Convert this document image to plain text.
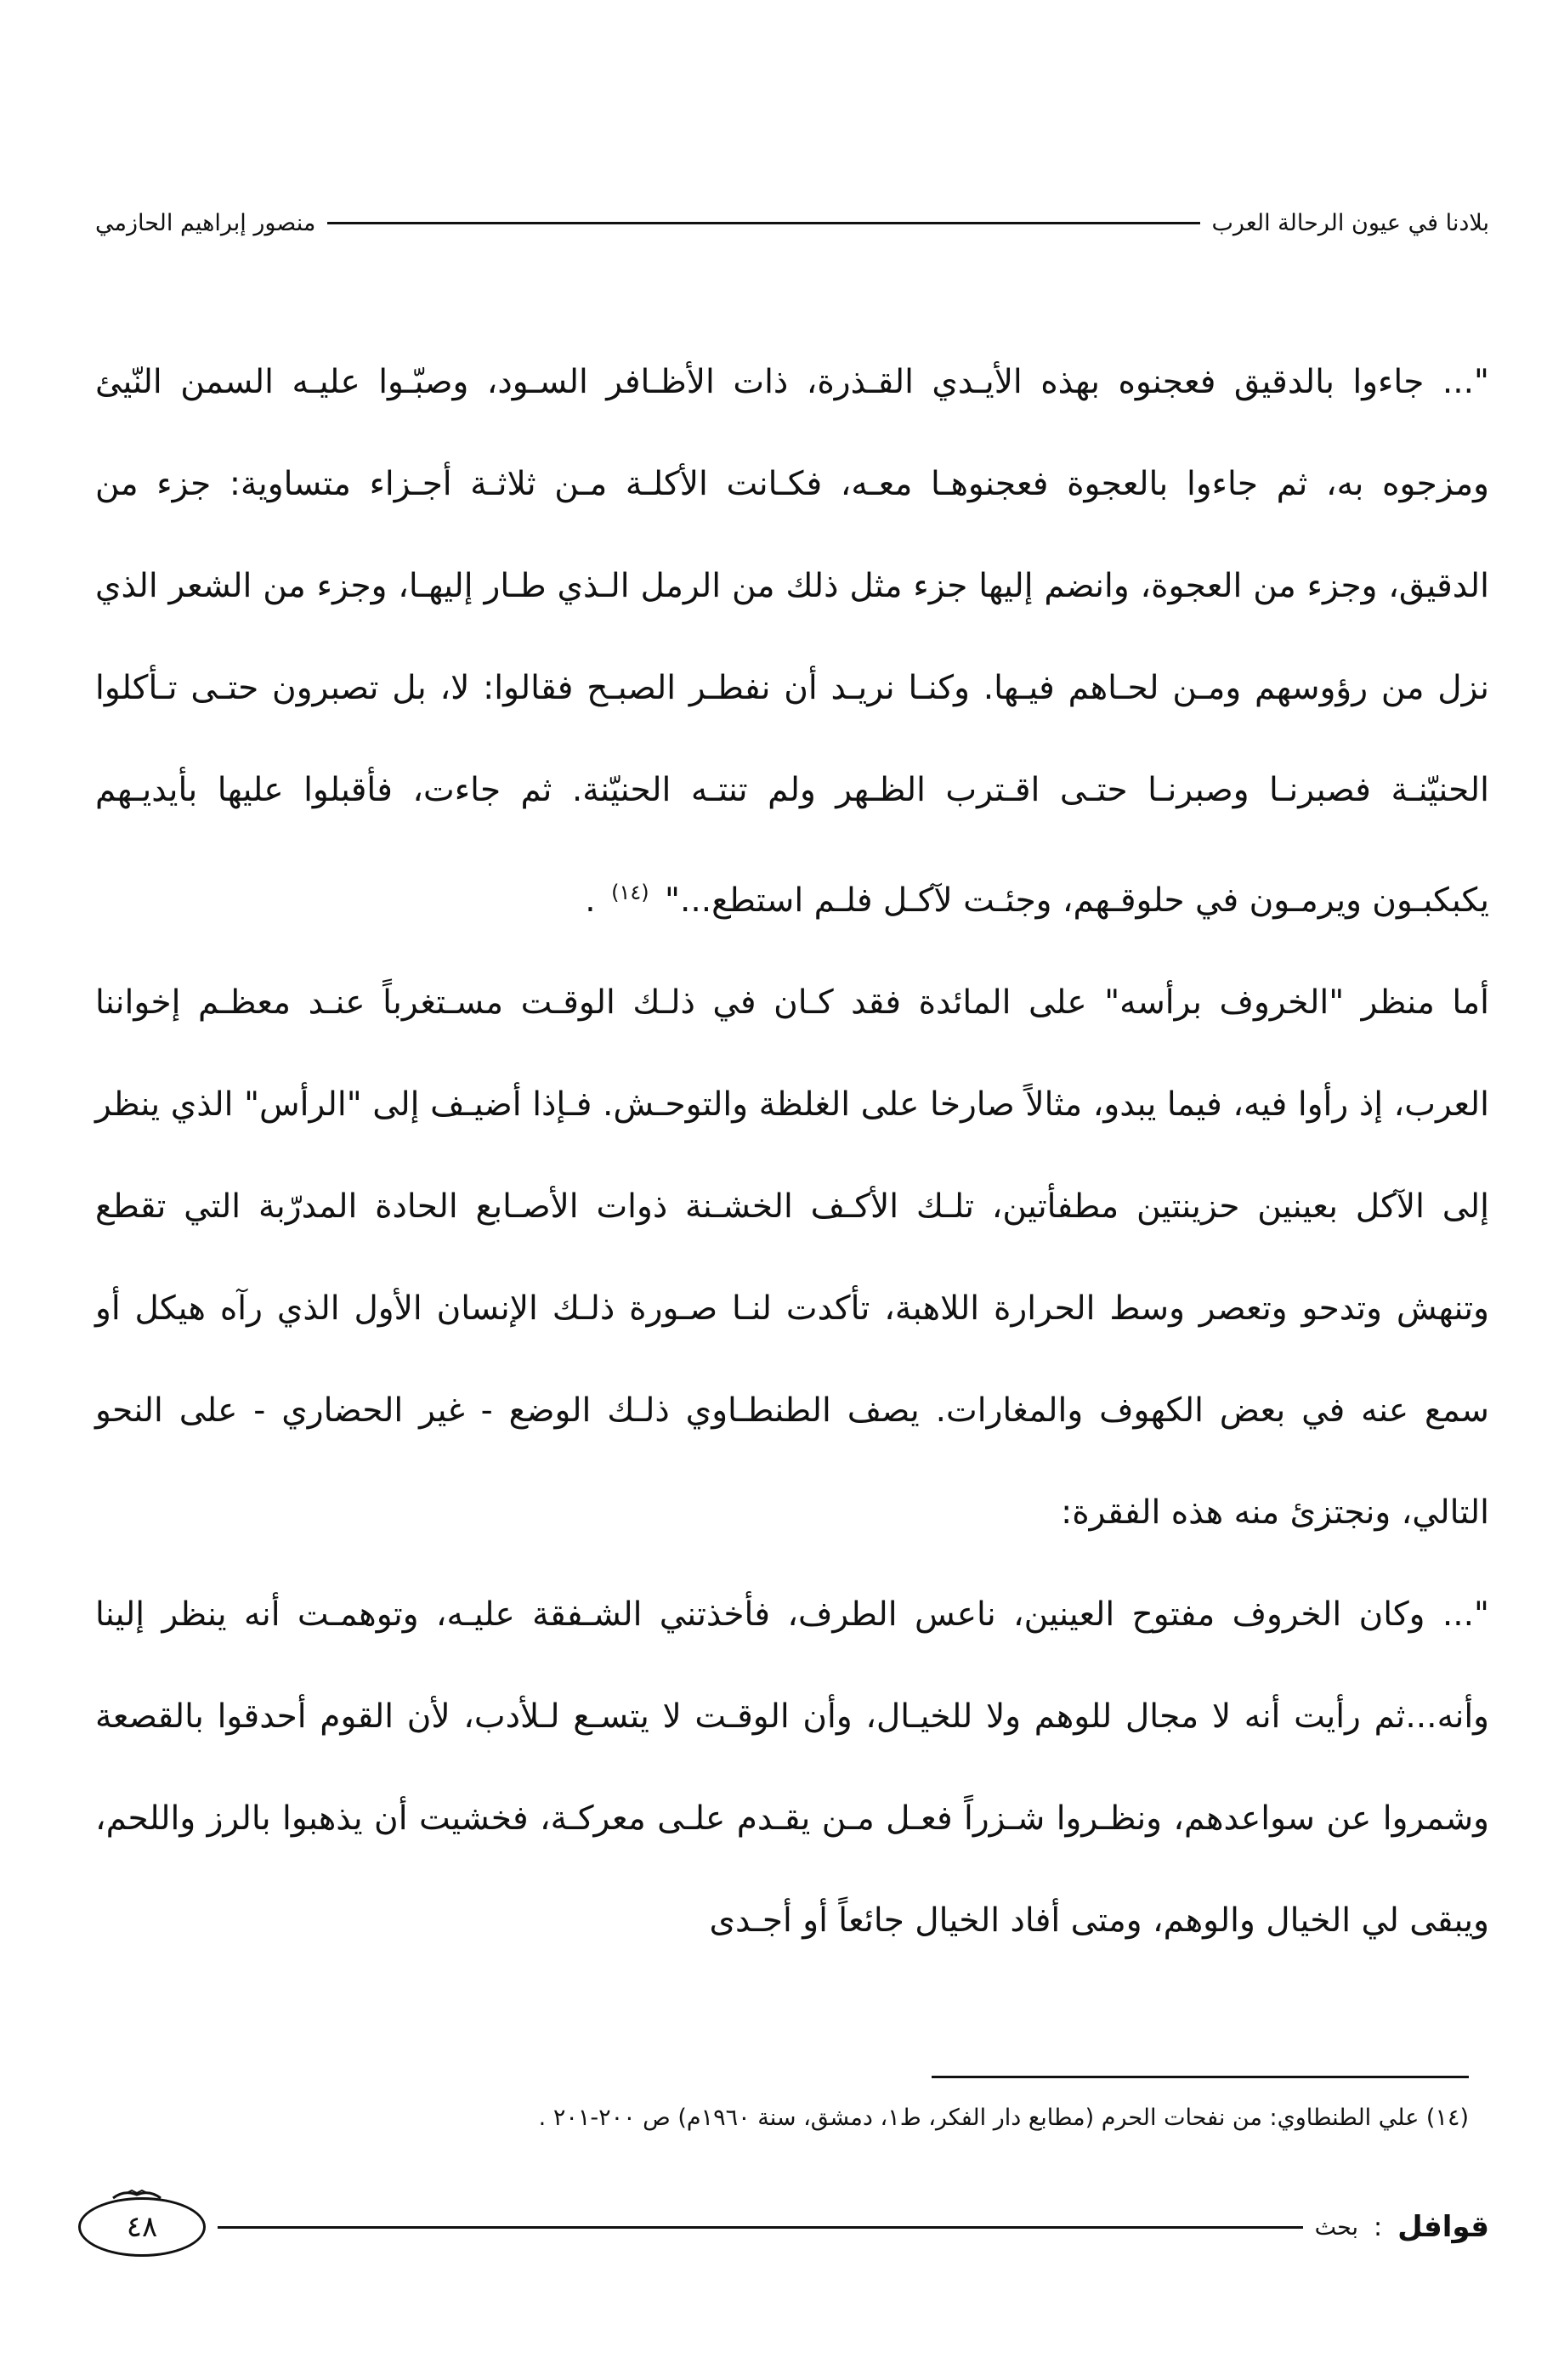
بلادنا في عيون الرحالة العرب
منصور إبراهيم الحازمي

"... جاءوا بالدقيق فعجنوه بهذه الأيـدي القـذرة، ذات الأظـافر السـود، وصبّـوا عليـه السمن النّيئ ومزجوه به، ثم جاءوا بالعجوة فعجنوهـا معـه، فكـانت الأكلـة مـن ثلاثـة أجـزاء متساوية: جزء من الدقيق، وجزء من العجوة، وانضم إليها جزء مثل ذلك من الرمل الـذي طـار إليهـا، وجزء من الشعر الذي نزل من رؤوسهم ومـن لحـاهم فيـها. وكنـا نريـد أن نفطـر الصبـح فقالوا: لا، بل تصبرون حتـى تـأكلوا الحنيّنـة فصبرنـا وصبرنـا حتـى اقـترب الظـهر ولم تنتـه الحنيّنة. ثم جاءت، فأقبلوا عليها بأيديـهم يكبكبـون ويرمـون في حلوقـهم، وجئـت لآكـل فلـم استطع..." $^{(١٤)}$ .

أما منظر "الخروف برأسه" على المائدة فقد كـان في ذلـك الوقـت مسـتغرباً عنـد معظـم إخواننا العرب، إذ رأوا فيه، فيما يبدو، مثالاً صارخا على الغلظة والتوحـش. فـإذا أضيـف إلى "الرأس" الذي ينظر إلى الآكل بعينين حزينتين مطفأتين، تلـك الأكـف الخشـنة ذوات الأصـابع الحادة المدرّبة التي تقطع وتنهش وتدحو وتعصر وسط الحرارة اللاهبة، تأكدت لنـا صـورة ذلـك الإنسان الأول الذي رآه هيكل أو سمع عنه في بعض الكهوف والمغارات. يصف الطنطـاوي ذلـك الوضع - غير الحضاري - على النحو التالي، ونجتزئ منه هذه الفقرة:

"... وكان الخروف مفتوح العينين، ناعس الطرف، فأخذتني الشـفقة عليـه، وتوهمـت أنه ينظر إلينا وأنه...ثم رأيت أنه لا مجال للوهم ولا للخيـال، وأن الوقـت لا يتسـع لـلأدب، لأن القوم أحدقوا بالقصعة وشمروا عن سواعدهم، ونظـروا شـزراً فعـل مـن يقـدم علـى معركـة، فخشيت أن يذهبوا بالرز واللحم، ويبقى لي الخيال والوهم، ومتى أفاد الخيال جائعاً أو أجـدى

(١٤) علي الطنطاوي: من نفحات الحرم (مطابع دار الفكر، ط١، دمشق، سنة ١٩٦٠م) ص ٢٠٠-٢٠١ .
قوافل
:
بحث
٤٨
